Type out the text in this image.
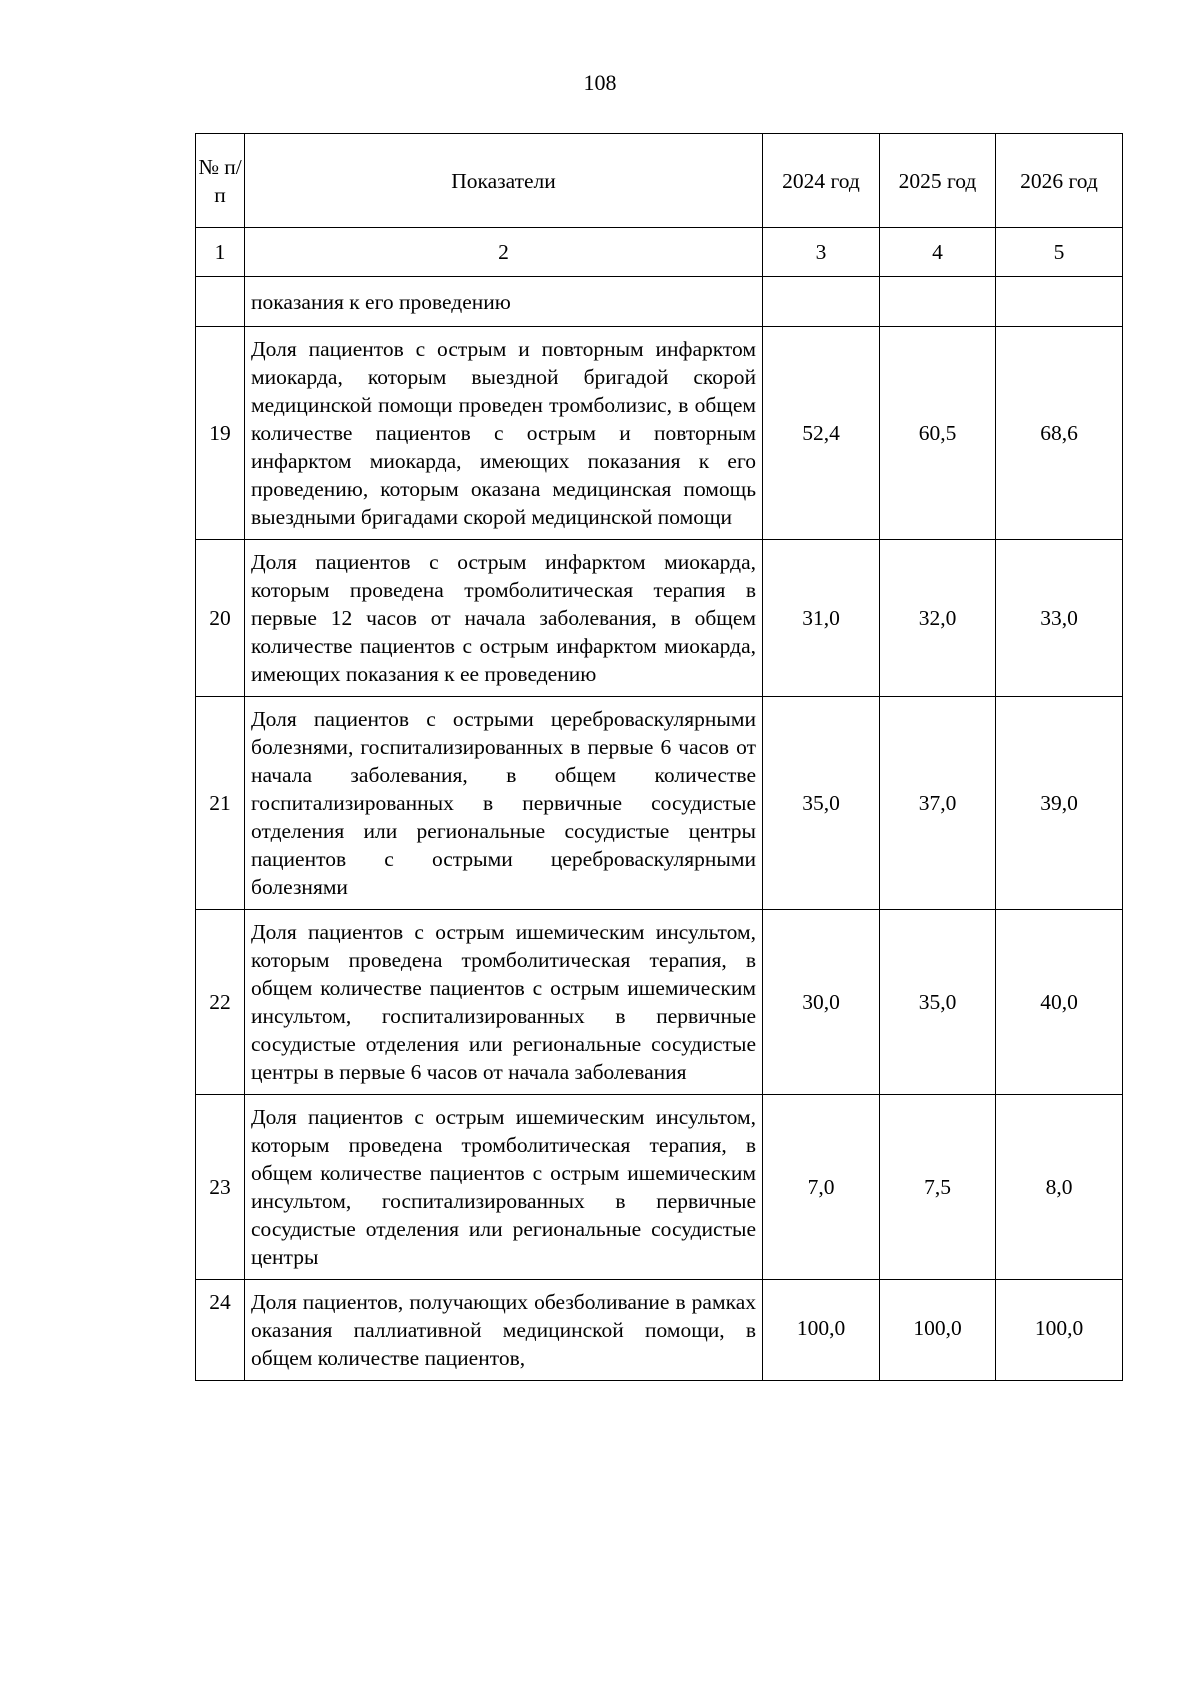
108
№ п/п	Показатели	2024 год	2025 год	2026 год
1	2	3	4	5
	показания к его проведению			
19	Доля пациентов с острым и повторным инфарктом миокарда, которым выездной бригадой скорой медицинской помощи проведен тромболизис, в общем количестве пациентов с острым и повторным инфарктом миокарда, имеющих показания к его проведению, которым оказана медицинская помощь выездными бригадами скорой медицинской помощи	52,4	60,5	68,6
20	Доля пациентов с острым инфарктом миокарда, которым проведена тромболитическая терапия в первые 12 часов от начала заболевания, в общем количестве пациентов с острым инфарктом миокарда, имеющих показания к ее проведению	31,0	32,0	33,0
21	Доля пациентов с острыми цереброваскулярными болезнями, госпитализированных в первые 6 часов от начала заболевания, в общем количестве госпитализированных в первичные сосудистые отделения или региональные сосудистые центры пациентов с острыми цереброваскулярными болезнями	35,0	37,0	39,0
22	Доля пациентов с острым ишемическим инсультом, которым проведена тромболитическая терапия, в общем количестве пациентов с острым ишемическим инсультом, госпитализированных в первичные сосудистые отделения или региональные сосудистые центры в первые 6 часов от начала заболевания	30,0	35,0	40,0
23	Доля пациентов с острым ишемическим инсультом, которым проведена тромболитическая терапия, в общем количестве пациентов с острым ишемическим инсультом, госпитализированных в первичные сосудистые отделения или региональные сосудистые центры	7,0	7,5	8,0
24	Доля пациентов, получающих обезболивание в рамках оказания паллиативной медицинской помощи, в общем количестве пациентов,	100,0	100,0	100,0
